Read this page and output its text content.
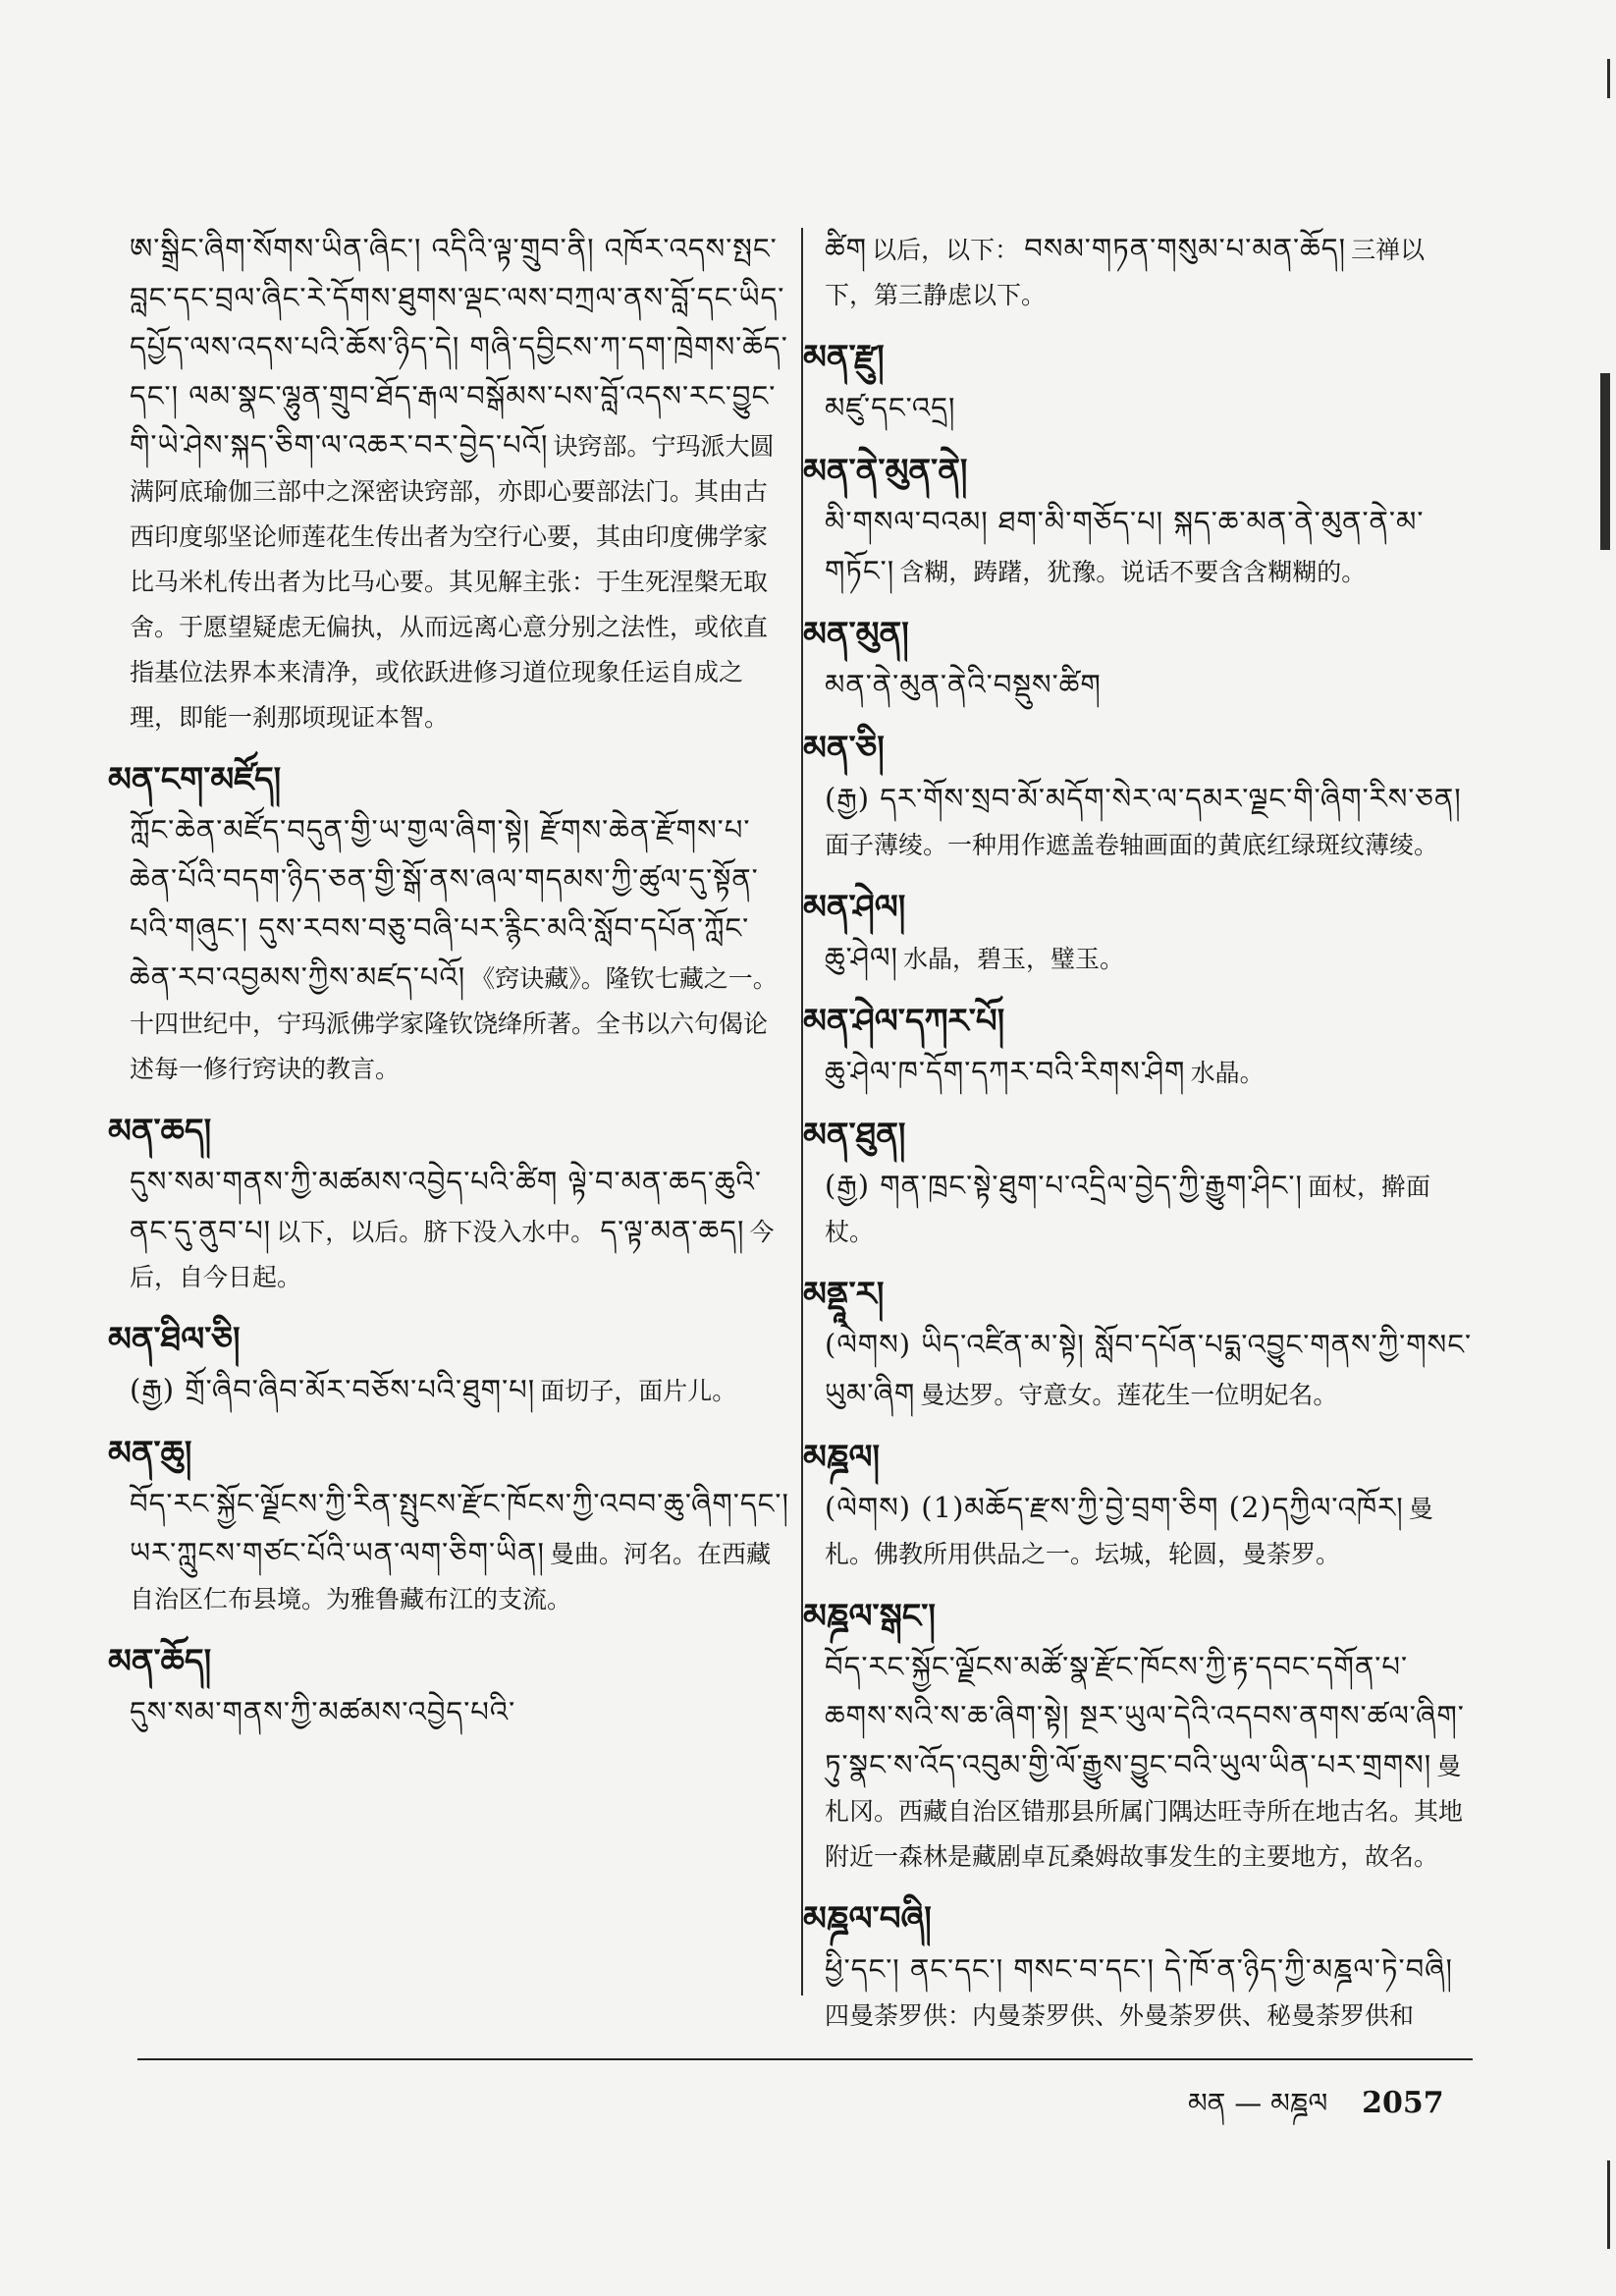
ཨ་སྒྲིང་ཞིག་སོགས་ཡིན་ཞིང་། འདིའི་ལྟ་གྲུབ་ནི། འཁོར་འདས་སྤང་བླང་དང་བྲལ་ཞིང་རེ་དོགས་ཐུགས་ལྡང་ལས་བཀྲལ་ནས་བློ་དང་ཡིད་དཔྱོད་ལས་འདས་པའི་ཆོས་ཉིད་དེ། གཞི་དབྱིངས་ཀ་དག་ཁྲེགས་ཆོད་དང་། ལམ་སྣང་ལྷུན་གྲུབ་ཐོད་རྒལ་བསྒོམས་པས་བློ་འདས་རང་བྱུང་གི་ཡེ་ཤེས་སྐད་ཅིག་ལ་འཆར་བར་བྱེད་པའོ། 诀窍部。宁玛派大圆满阿底瑜伽三部中之深密诀窍部，亦即心要部法门。其由古西印度邬坚论师莲花生传出者为空行心要，其由印度佛学家比马米札传出者为比马心要。其见解主张：于生死涅槃无取舍。于愿望疑虑无偏执，从而远离心意分别之法性，或依直指基位法界本来清净，或依跃进修习道位现象任运自成之理，即能一刹那顷现证本智。

མན་ངག་མཛོད།

ཀློང་ཆེན་མཛོད་བདུན་གྱི་ཡ་གྱལ་ཞིག་སྟེ། རྫོགས་ཆེན་རྫོགས་པ་ཆེན་པོའི་བདག་ཉིད་ཅན་གྱི་སྒོ་ནས་ཞལ་གདམས་ཀྱི་ཚུལ་དུ་སྟོན་པའི་གཞུང་། དུས་རབས་བཅུ་བཞི་པར་རྙིང་མའི་སློབ་དཔོན་ཀློང་ཆེན་རབ་འབྱམས་ཀྱིས་མཛད་པའོ། 《窍诀藏》。隆钦七藏之一。十四世纪中，宁玛派佛学家隆钦饶绛所著。全书以六句偈论述每一修行窍诀的教言。

མན་ཆད།

དུས་སམ་གནས་ཀྱི་མཚམས་འབྱེད་པའི་ཚིག ལྟེ་བ་མན་ཆད་ཆུའི་ནང་དུ་ནུབ་པ། 以下，以后。脐下没入水中。 ད་ལྟ་མན་ཆད། 今后，自今日起。

མན་ཐིལ་ཅི།

(རྒྱ) གྲོ་ཞིབ་ཞིབ་མོར་བཅོས་པའི་ཐུག་པ། 面切子，面片儿。

མན་ཆུ།

བོད་རང་སྐྱོང་ལྗོངས་ཀྱི་རིན་སྤུངས་རྫོང་ཁོངས་ཀྱི་འབབ་ཆུ་ཞིག་དང་། ཡར་ཀླུངས་གཙང་པོའི་ཡན་ལག་ཅིག་ཡིན། 曼曲。河名。在西藏自治区仁布县境。为雅鲁藏布江的支流。

མན་ཆོད།

དུས་སམ་གནས་ཀྱི་མཚམས་འབྱེད་པའི་

ཚིག 以后，以下： བསམ་གཏན་གསུམ་པ་མན་ཆོད། 三禅以下，第三静虑以下。

མན་རྫུ།

མཛུ་དང་འདྲ།

མན་ནེ་མུན་ནེ།

མི་གསལ་བའམ། ཐག་མི་གཅོད་པ། སྐད་ཆ་མན་ནེ་མུན་ནེ་མ་གཏོང་། 含糊，踌躇，犹豫。说话不要含含糊糊的。

མན་མུན།

མན་ནེ་མུན་ནེའི་བསྡུས་ཚིག

མན་ཅི།

(རྒྱ) དར་གོས་སྲབ་མོ་མདོག་སེར་ལ་དམར་ལྗང་གི་ཞིག་རིས་ཅན། 面子薄绫。一种用作遮盖卷轴画面的黄底红绿斑纹薄绫。

མན་ཤེལ།

ཆུ་ཤེལ། 水晶，碧玉，璧玉。

མན་ཤེལ་དཀར་པོ།

ཆུ་ཤེལ་ཁ་དོག་དཀར་བའི་རིགས་ཤིག 水晶。

མན་ཐུན།

(རྒྱ) གན་ཁྲང་སྟེ་ཐུག་པ་འདྲིལ་བྱེད་ཀྱི་རྒྱུག་ཤིང་། 面杖，擀面杖。

མནྡཱ་ར།

(ལེགས) ཡིད་འཛིན་མ་སྟེ། སློབ་དཔོན་པདྨ་འབྱུང་གནས་ཀྱི་གསང་ཡུམ་ཞིག 曼达罗。守意女。莲花生一位明妃名。

མཎྜལ།

(ལེགས) (1)མཆོད་རྫས་ཀྱི་བྱེ་བྲག་ཅིག (2)དཀྱིལ་འཁོར། 曼札。佛教所用供品之一。坛城，轮圆，曼荼罗。

མཎྜལ་སྒང་།

བོད་རང་སྐྱོང་ལྗོངས་མཚོ་སྣ་རྫོང་ཁོངས་ཀྱི་རྟ་དབང་དགོན་པ་ཆགས་སའི་ས་ཆ་ཞིག་སྟེ། སྔར་ཡུལ་དེའི་འདབས་ནགས་ཚལ་ཞིག་ཏུ་སྣང་ས་འོད་འབུམ་གྱི་ལོ་རྒྱུས་བྱུང་བའི་ཡུལ་ཡིན་པར་གྲགས། 曼札冈。西藏自治区错那县所属门隅达旺寺所在地古名。其地附近一森林是藏剧卓瓦桑姆故事发生的主要地方，故名。

མཎྜལ་བཞི།

ཕྱི་དང་། ནང་དང་། གསང་བ་དང་། དེ་ཁོ་ན་ཉིད་ཀྱི་མཎྜལ་ཏེ་བཞི། 四曼荼罗供：内曼荼罗供、外曼荼罗供、秘曼荼罗供和

མན — མཎྜལ 2057
